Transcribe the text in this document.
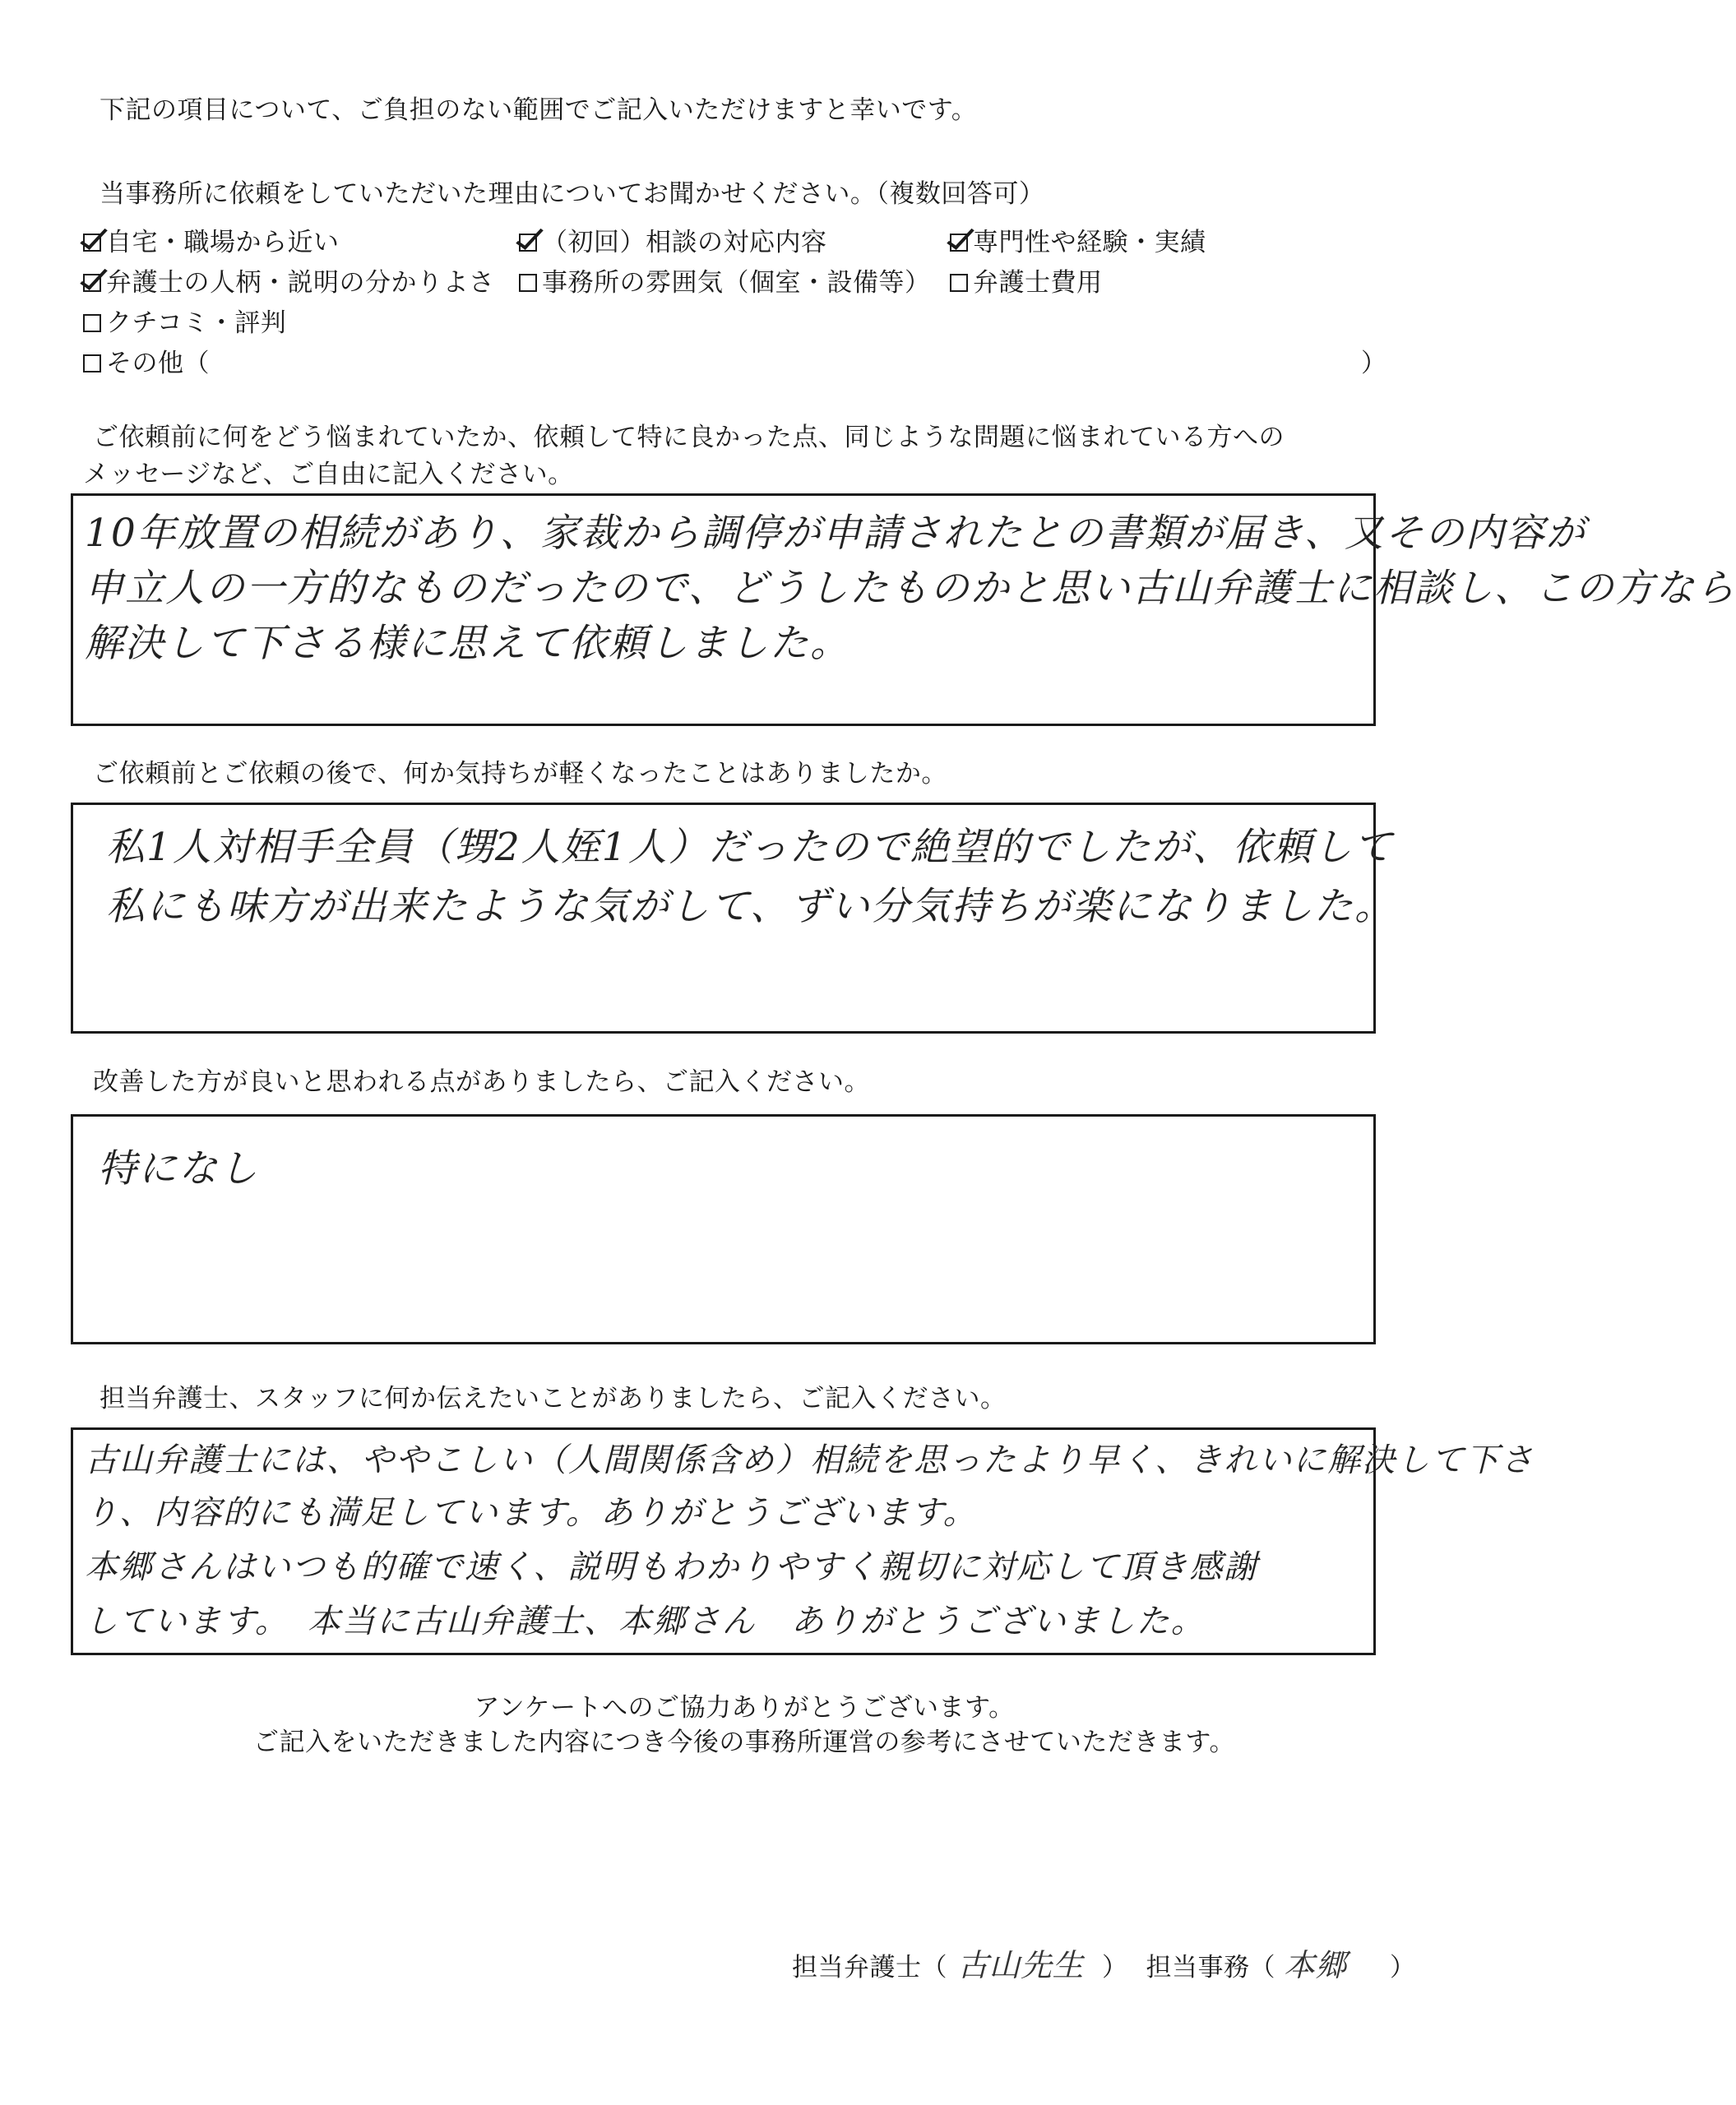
下記の項目について、ご負担のない範囲でご記入いただけますと幸いです。
当事務所に依頼をしていただいた理由についてお聞かせください。（複数回答可）
自宅・職場から近い	（初回）相談の対応内容	専門性や経験・実績
弁護士の人柄・説明の分かりよさ 事務所の雰囲気（個室・設備等） 弁護士費用
クチコミ・評判
その他（	）
ご依頼前に何をどう悩まれていたか、依頼して特に良かった点、同じような問題に悩まれている方への
メッセージなど、ご自由に記入ください。
10年放置の相続があり、家裁から調停が申請されたとの書類が届き、又その内容が
申立人の一方的なものだったので、どうしたものかと思い古山弁護士に相談し、この方なら
解決して下さる様に思えて依頼しました。
ご依頼前とご依頼の後で、何か気持ちが軽くなったことはありましたか。
私1人対相手全員（甥2人姪1人）だったので絶望的でしたが、依頼して
私にも味方が出来たような気がして、ずい分気持ちが楽になりました。
改善した方が良いと思われる点がありましたら、ご記入ください。
特になし
担当弁護士、スタッフに何か伝えたいことがありましたら、ご記入ください。
古山弁護士には、ややこしい（人間関係含め）相続を思ったより早く、きれいに解決して下さ
り、内容的にも満足しています。ありがとうございます。
本郷さんはいつも的確で速く、説明もわかりやすく親切に対応して頂き感謝
しています。　本当に古山弁護士、本郷さん　ありがとうございました。
アンケートへのご協力ありがとうございます。
ご記入をいただきました内容につき今後の事務所運営の参考にさせていただきます。
担当弁護士（ 古山先生 ） 担当事務（ 本郷 ）
